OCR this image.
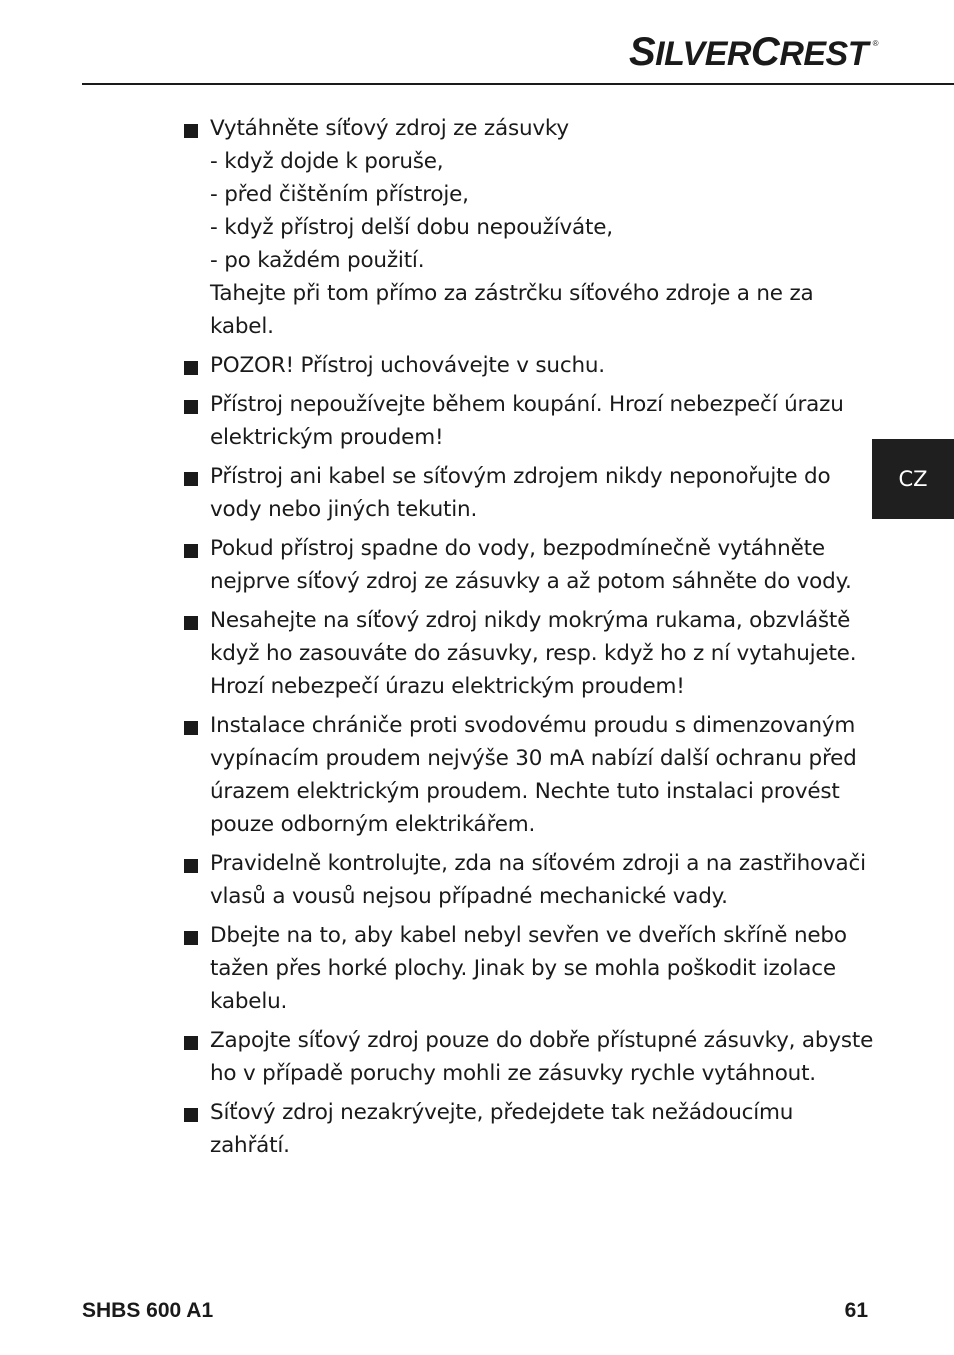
SILVERCREST ®
CZ
Vytáhněte síťový zdroj ze zásuvky
- když dojde k poruše,
- před čištěním přístroje,
- když přístroj delší dobu nepoužíváte,
- po každém použití.
Tahejte při tom přímo za zástrčku síťového zdroje a ne za
kabel.
POZOR! Přístroj uchovávejte v suchu.
Přístroj nepoužívejte během koupání. Hrozí nebezpečí úrazu
elektrickým proudem!
Přístroj ani kabel se síťovým zdrojem nikdy neponořujte do
vody nebo jiných tekutin.
Pokud přístroj spadne do vody, bezpodmínečně vytáhněte
nejprve síťový zdroj ze zásuvky a až potom sáhněte do vody.
Nesahejte na síťový zdroj nikdy mokrýma rukama, obzvláště
když ho zasouváte do zásuvky, resp. když ho z ní vytahujete.
Hrozí nebezpečí úrazu elektrickým proudem!
Instalace chrániče proti svodovému proudu s dimenzovaným
vypínacím proudem nejvýše 30 mA nabízí další ochranu před
úrazem elektrickým proudem. Nechte tuto instalaci provést
pouze odborným elektrikářem.
Pravidelně kontrolujte, zda na síťovém zdroji a na zastřihovači
vlasů a vousů nejsou případné mechanické vady.
Dbejte na to, aby kabel nebyl sevřen ve dveřích skříně nebo
tažen přes horké plochy. Jinak by se mohla poškodit izolace
kabelu.
Zapojte síťový zdroj pouze do dobře přístupné zásuvky, abyste
ho v případě poruchy mohli ze zásuvky rychle vytáhnout.
Síťový zdroj nezakrývejte, předejdete tak nežádoucímu
zahřátí.
SHBS 600 A1	61
